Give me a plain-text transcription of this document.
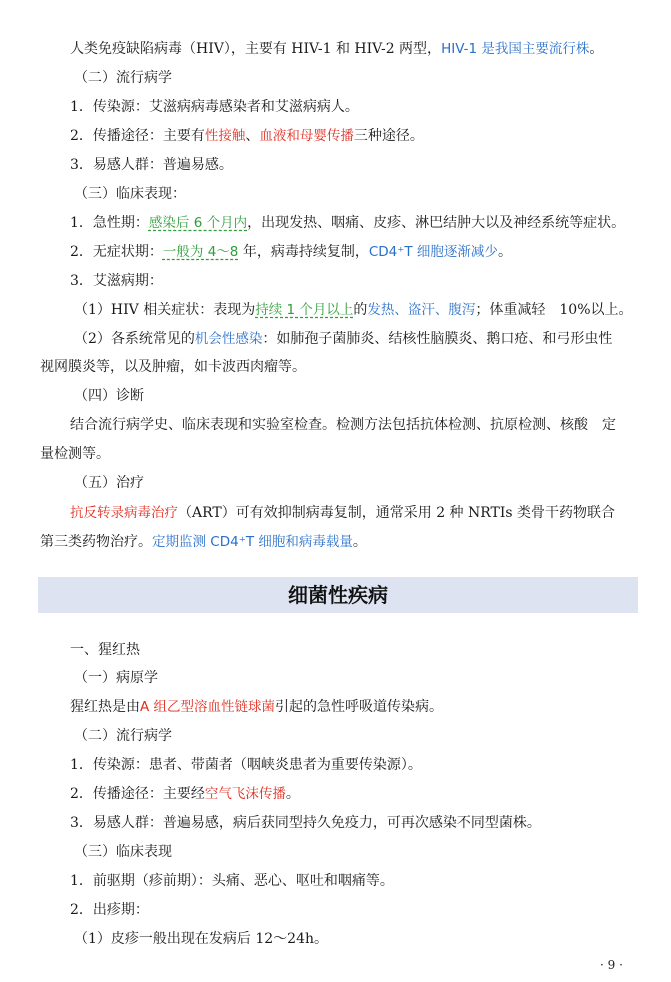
人类免疫缺陷病毒（HIV），主要有 HIV-1 和 HIV-2 两型，HIV-1 是我国主要流行株。
（二）流行病学
1．传染源：艾滋病病毒感染者和艾滋病病人。
2．传播途径：主要有性接触、血液和母婴传播三种途径。
3．易感人群：普遍易感。
（三）临床表现：
1．急性期：感染后 6 个月内，出现发热、咽痛、皮疹、淋巴结肿大以及神经系统等症状。
2．无症状期：一般为 4～8 年，病毒持续复制，CD4⁺T 细胞逐渐减少。
3．艾滋病期：
（1）HIV 相关症状：表现为持续 1 个月以上的发热、盗汗、腹泻；体重减轻　10%以上。
（2）各系统常见的机会性感染：如肺孢子菌肺炎、结核性脑膜炎、鹅口疮、和弓形虫性
视网膜炎等，以及肿瘤，如卡波西肉瘤等。
（四）诊断
结合流行病学史、临床表现和实验室检查。检测方法包括抗体检测、抗原检测、核酸　定
量检测等。
（五）治疗
抗反转录病毒治疗（ART）可有效抑制病毒复制，通常采用 2 种 NRTIs 类骨干药物联合
第三类药物治疗。定期监测 CD4⁺T 细胞和病毒载量。
细菌性疾病
一、猩红热
（一）病原学
猩红热是由A 组乙型溶血性链球菌引起的急性呼吸道传染病。
（二）流行病学
1．传染源：患者、带菌者（咽峡炎患者为重要传染源）。
2．传播途径：主要经空气飞沫传播。
3．易感人群：普遍易感，病后获同型持久免疫力，可再次感染不同型菌株。
（三）临床表现
1．前驱期（疹前期）：头痛、恶心、呕吐和咽痛等。
2．出疹期：
（1）皮疹一般出现在发病后 12～24h。
· 9 ·
